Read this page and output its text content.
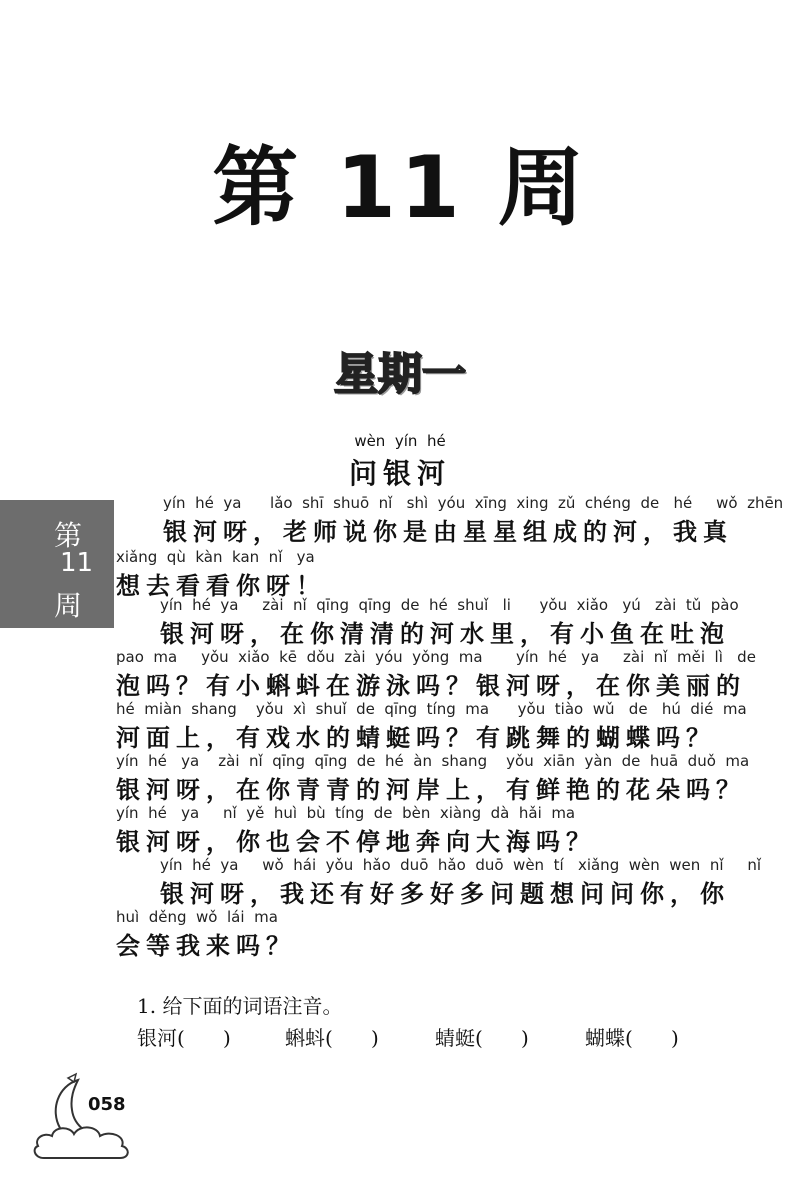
第 11 周
星期一
第
11
周
wèn  yín  hé
问银河
yín  hé  ya      lǎo  shī  shuō  nǐ   shì  yóu  xīng  xing  zǔ  chéng  de   hé     wǒ  zhēn
银河呀，老师说你是由星星组成的河，我真
xiǎng  qù  kàn  kan  nǐ   ya
想去看看你呀！
yín  hé  ya     zài  nǐ  qīng  qīng  de  hé  shuǐ   li      yǒu  xiǎo   yú   zài  tǔ  pào
银河呀，在你清清的河水里，有小鱼在吐泡
pao  ma     yǒu  xiǎo  kē  dǒu  zài  yóu  yǒng  ma       yín  hé   ya     zài  nǐ  měi  lì   de
泡吗？有小蝌蚪在游泳吗？银河呀，在你美丽的
hé  miàn  shang    yǒu  xì  shuǐ  de  qīng  tíng  ma      yǒu  tiào  wǔ   de   hú  dié  ma
河面上，有戏水的蜻蜓吗？有跳舞的蝴蝶吗？
yín  hé   ya    zài  nǐ  qīng  qīng  de  hé  àn  shang    yǒu  xiān  yàn  de  huā  duǒ  ma
银河呀，在你青青的河岸上，有鲜艳的花朵吗？
yín  hé   ya     nǐ  yě  huì  bù  tíng  de  bèn  xiàng  dà  hǎi  ma
银河呀，你也会不停地奔向大海吗？
yín  hé  ya     wǒ  hái  yǒu  hǎo  duō  hǎo  duō  wèn  tí   xiǎng  wèn  wen  nǐ     nǐ
银河呀，我还有好多好多问题想问问你，你
huì  děng  wǒ  lái  ma
会等我来吗？
1. 给下面的词语注音。
银河(      )	蝌蚪(      )	蜻蜓(      )	蝴蝶(      )
058
